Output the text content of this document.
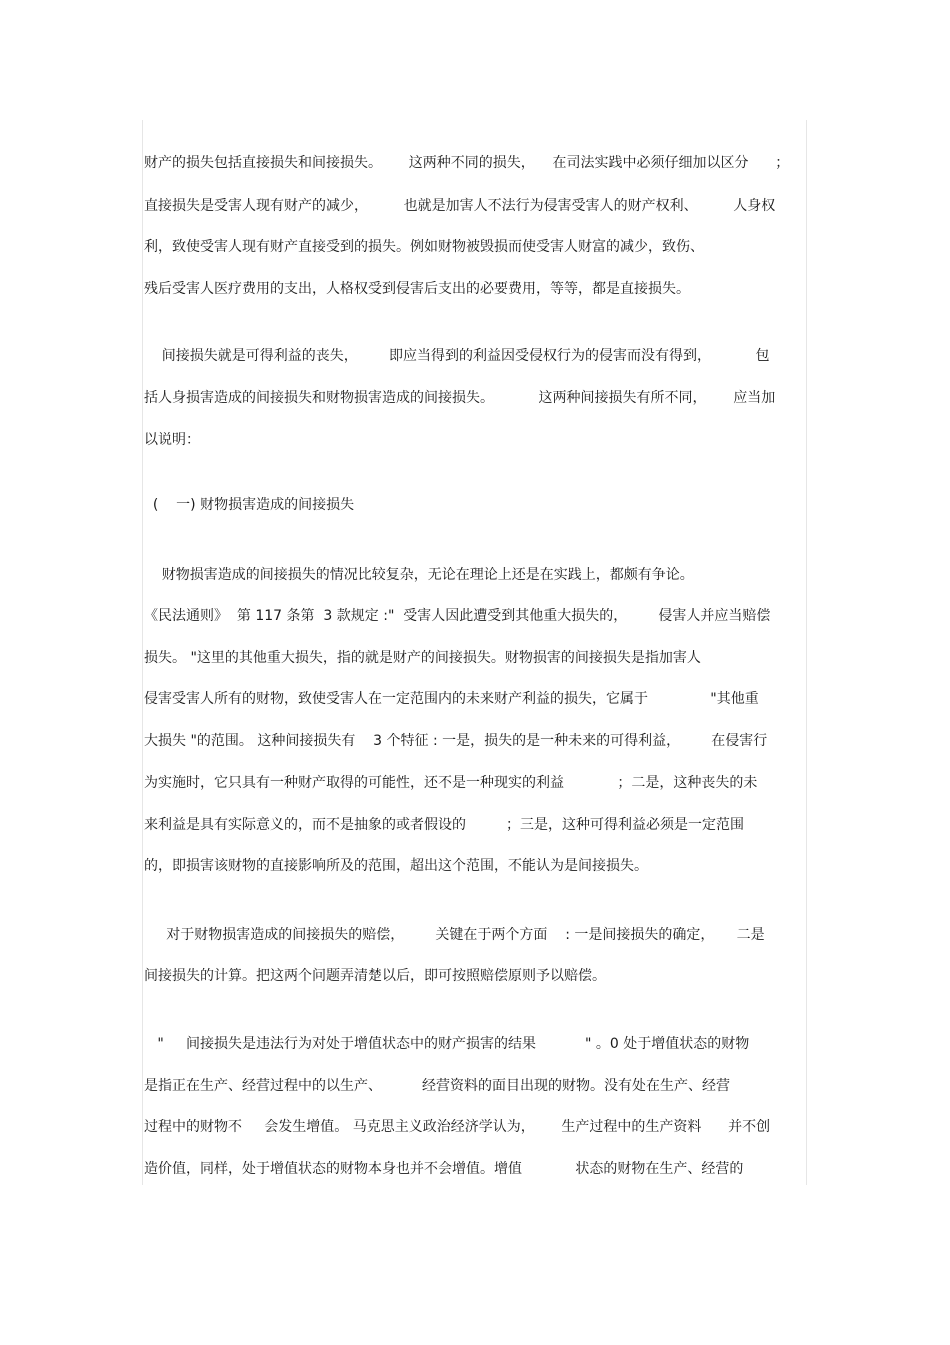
财产的损失包括直接损失和间接损失。      这两种不同的损失，    在司法实践中必须仔细加以区分      ；
直接损失是受害人现有财产的减少，        也就是加害人不法行为侵害受害人的财产权利、        人身权
利，致使受害人现有财产直接受到的损失。例如财物被毁损而使受害人财富的减少，致伤、
残后受害人医疗费用的支出，人格权受到侵害后支出的必要费用，等等，都是直接损失。
间接损失就是可得利益的丧失，       即应当得到的利益因受侵权行为的侵害而没有得到，          包
括人身损害造成的间接损失和财物损害造成的间接损失。          这两种间接损失有所不同，      应当加
以说明：
(    一) 财物损害造成的间接损失
财物损害造成的间接损失的情况比较复杂，无论在理论上还是在实践上，都颇有争论。
《民法通则》  第 117 条第  3 款规定 :"  受害人因此遭受到其他重大损失的，       侵害人并应当赔偿
损失。 "这里的其他重大损失，指的就是财产的间接损失。财物损害的间接损失是指加害人
侵害受害人所有的财物，致使受害人在一定范围内的未来财产利益的损失，它属于              "其他重
大损失 "的范围。 这种间接损失有    3 个特征 : 一是，损失的是一种未来的可得利益，       在侵害行
为实施时，它只具有一种财产取得的可能性，还不是一种现实的利益            ；二是，这种丧失的未
来利益是具有实际意义的，而不是抽象的或者假设的         ；三是，这种可得利益必须是一定范围
的，即损害该财物的直接影响所及的范围，超出这个范围，不能认为是间接损失。
对于财物损害造成的间接损失的赔偿，       关键在于两个方面    : 一是间接损失的确定，     二是
间接损失的计算。把这两个问题弄清楚以后，即可按照赔偿原则予以赔偿。
"     间接损失是违法行为对处于增值状态中的财产损害的结果           " 。0 处于增值状态的财物
是指正在生产、经营过程中的以生产、         经营资料的面目出现的财物。没有处在生产、经营
过程中的财物不     会发生增值。 马克思主义政治经济学认为，      生产过程中的生产资料      并不创
造价值，同样，处于增值状态的财物本身也并不会增值。增值            状态的财物在生产、经营的
